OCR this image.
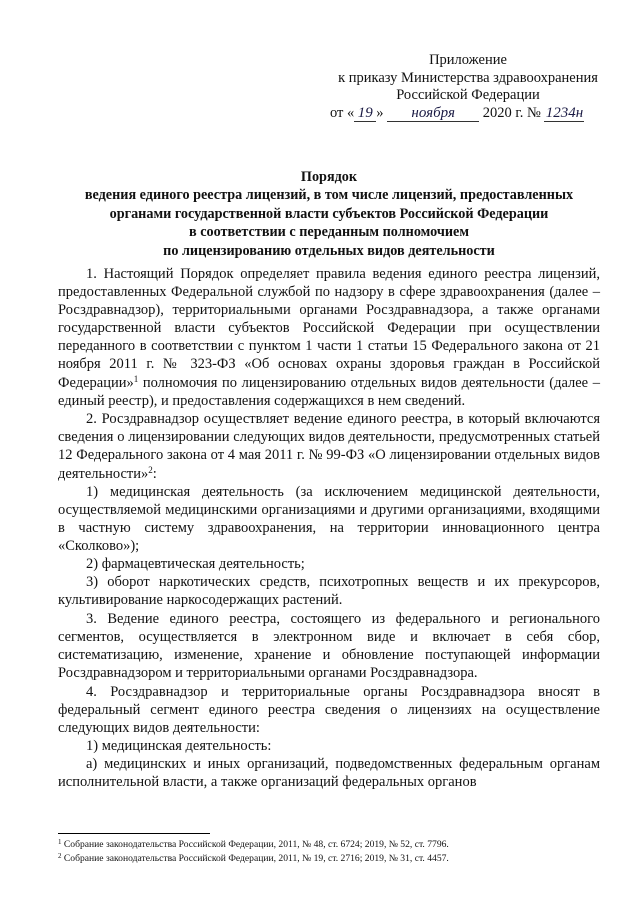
Приложение
к приказу Министерства здравоохранения
Российской Федерации
от « 19 » ноября 2020 г. № 1234н
Порядок
ведения единого реестра лицензий, в том числе лицензий, предоставленных
органами государственной власти субъектов Российской Федерации
в соответствии с переданным полномочием
по лицензированию отдельных видов деятельности

1. Настоящий Порядок определяет правила ведения единого реестра лицензий, предоставленных Федеральной службой по надзору в сфере здравоохранения (далее – Росздравнадзор), территориальными органами Росздравнадзора, а также органами государственной власти субъектов Российской Федерации при осуществлении переданного в соответствии с пунктом 1 части 1 статьи 15 Федерального закона от 21 ноября 2011 г. № 323-ФЗ «Об основах охраны здоровья граждан в Российской Федерации»$^1$ полномочия по лицензированию отдельных видов деятельности (далее – единый реестр), и предоставления содержащихся в нем сведений.

2. Росздравнадзор осуществляет ведение единого реестра, в который включаются сведения о лицензировании следующих видов деятельности, предусмотренных статьей 12 Федерального закона от 4 мая 2011 г. № 99-ФЗ «О лицензировании отдельных видов деятельности»$^2$:

1) медицинская деятельность (за исключением медицинской деятельности, осуществляемой медицинскими организациями и другими организациями, входящими в частную систему здравоохранения, на территории инновационного центра «Сколково»);

2) фармацевтическая деятельность;

3) оборот наркотических средств, психотропных веществ и их прекурсоров, культивирование наркосодержащих растений.

3. Ведение единого реестра, состоящего из федерального и регионального сегментов, осуществляется в электронном виде и включает в себя сбор, систематизацию, изменение, хранение и обновление поступающей информации Росздравнадзором и территориальными органами Росздравнадзора.

4. Росздравнадзор и территориальные органы Росздравнадзора вносят в федеральный сегмент единого реестра сведения о лицензиях на осуществление следующих видов деятельности:

1) медицинская деятельность:

а) медицинских и иных организаций, подведомственных федеральным органам исполнительной власти, а также организаций федеральных органов

$^1$ Собрание законодательства Российской Федерации, 2011, № 48, ст. 6724; 2019, № 52, ст. 7796.
$^2$ Собрание законодательства Российской Федерации, 2011, № 19, ст. 2716; 2019, № 31, ст. 4457.
